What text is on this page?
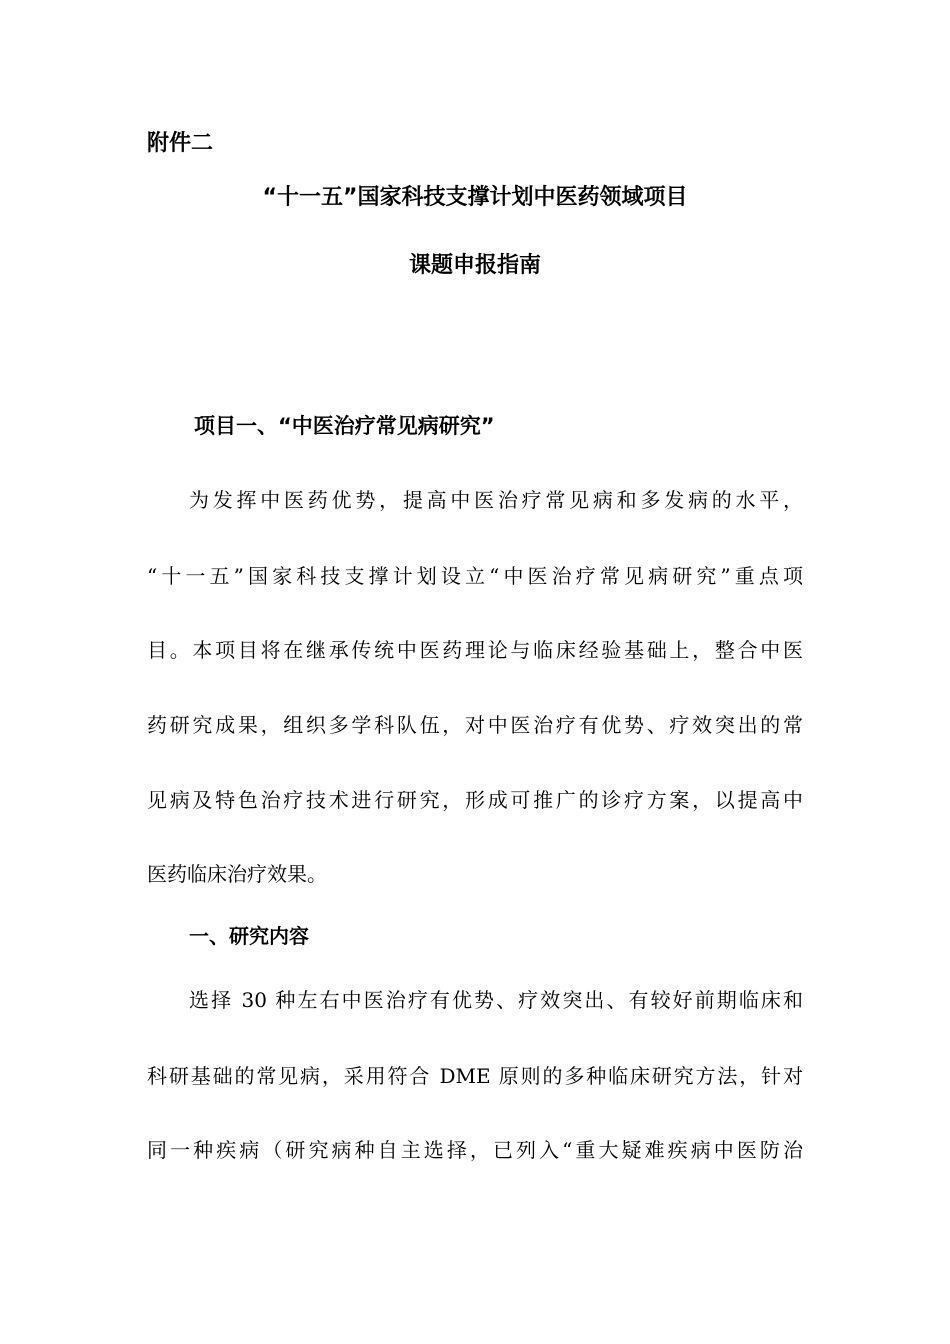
附件二

“十一五”国家科技支撑计划中医药领域项目

课题申报指南

项目一、“中医治疗常见病研究”

为发挥中医药优势，提高中医治疗常见病和多发病的水平，

“十一五”国家科技支撑计划设立“中医治疗常见病研究”重点项

目。本项目将在继承传统中医药理论与临床经验基础上，整合中医

药研究成果，组织多学科队伍，对中医治疗有优势、疗效突出的常

见病及特色治疗技术进行研究，形成可推广的诊疗方案，以提高中

医药临床治疗效果。

一、研究内容

选择 30 种左右中医治疗有优势、疗效突出、有较好前期临床和

科研基础的常见病，采用符合 DME 原则的多种临床研究方法，针对

同一种疾病（研究病种自主选择，已列入“重大疑难疾病中医防治
